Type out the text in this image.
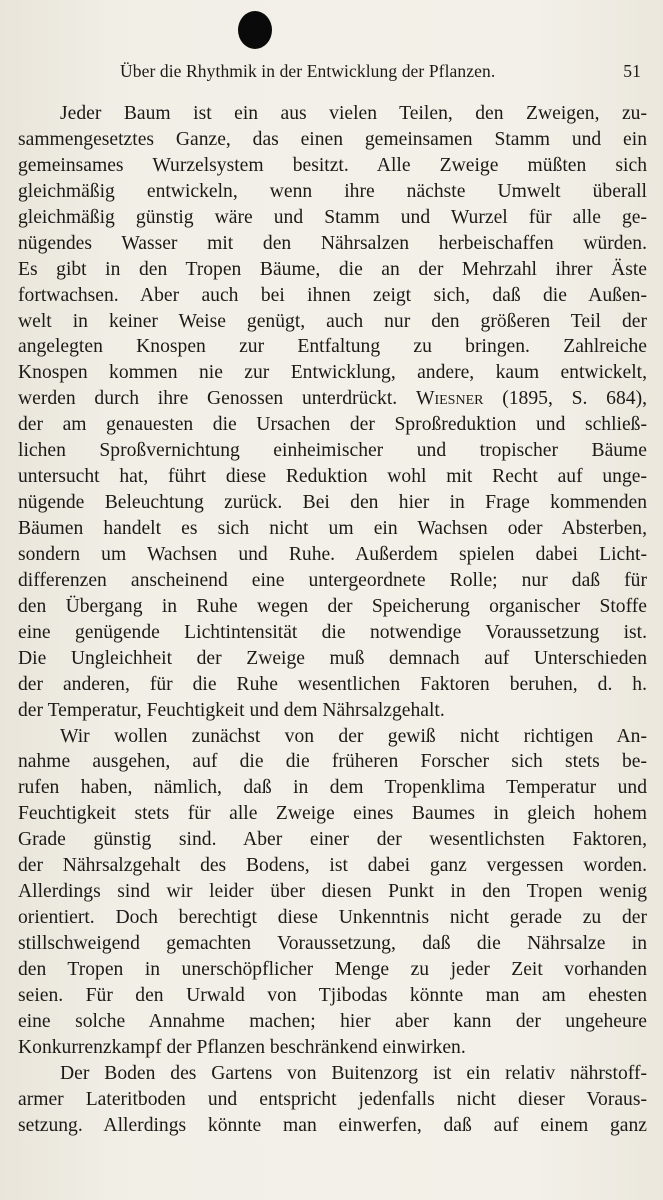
Über die Rhythmik in der Entwicklung der Pflanzen.	51
Jeder Baum ist ein aus vielen Teilen, den Zweigen, zu-
sammengesetztes Ganze, das einen gemeinsamen Stamm und ein
gemeinsames Wurzelsystem besitzt. Alle Zweige müßten sich
gleichmäßig entwickeln, wenn ihre nächste Umwelt überall
gleichmäßig günstig wäre und Stamm und Wurzel für alle ge-
nügendes Wasser mit den Nährsalzen herbeischaffen würden.
Es gibt in den Tropen Bäume, die an der Mehrzahl ihrer Äste
fortwachsen. Aber auch bei ihnen zeigt sich, daß die Außen-
welt in keiner Weise genügt, auch nur den größeren Teil der
angelegten Knospen zur Entfaltung zu bringen. Zahlreiche
Knospen kommen nie zur Entwicklung, andere, kaum entwickelt,
werden durch ihre Genossen unterdrückt. Wiesner (1895, S. 684),
der am genauesten die Ursachen der Sproßreduktion und schließ-
lichen Sproßvernichtung einheimischer und tropischer Bäume
untersucht hat, führt diese Reduktion wohl mit Recht auf unge-
nügende Beleuchtung zurück. Bei den hier in Frage kommenden
Bäumen handelt es sich nicht um ein Wachsen oder Absterben,
sondern um Wachsen und Ruhe. Außerdem spielen dabei Licht-
differenzen anscheinend eine untergeordnete Rolle; nur daß für
den Übergang in Ruhe wegen der Speicherung organischer Stoffe
eine genügende Lichtintensität die notwendige Voraussetzung ist.
Die Ungleichheit der Zweige muß demnach auf Unterschieden
der anderen, für die Ruhe wesentlichen Faktoren beruhen, d. h.
der Temperatur, Feuchtigkeit und dem Nährsalzgehalt.
Wir wollen zunächst von der gewiß nicht richtigen An-
nahme ausgehen, auf die die früheren Forscher sich stets be-
rufen haben, nämlich, daß in dem Tropenklima Temperatur und
Feuchtigkeit stets für alle Zweige eines Baumes in gleich hohem
Grade günstig sind. Aber einer der wesentlichsten Faktoren,
der Nährsalzgehalt des Bodens, ist dabei ganz vergessen worden.
Allerdings sind wir leider über diesen Punkt in den Tropen wenig
orientiert. Doch berechtigt diese Unkenntnis nicht gerade zu der
stillschweigend gemachten Voraussetzung, daß die Nährsalze in
den Tropen in unerschöpflicher Menge zu jeder Zeit vorhanden
seien. Für den Urwald von Tjibodas könnte man am ehesten
eine solche Annahme machen; hier aber kann der ungeheure
Konkurrenzkampf der Pflanzen beschränkend einwirken.
Der Boden des Gartens von Buitenzorg ist ein relativ nährstoff-
armer Lateritboden und entspricht jedenfalls nicht dieser Voraus-
setzung. Allerdings könnte man einwerfen, daß auf einem ganz
